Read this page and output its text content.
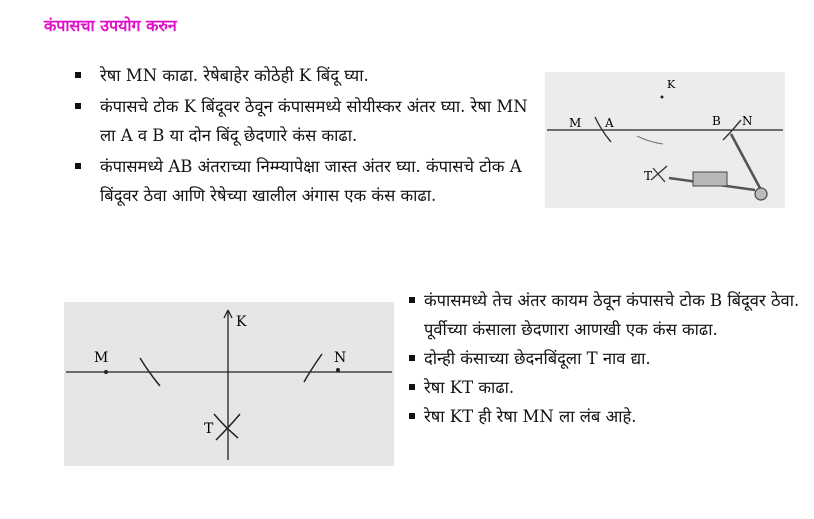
कंपासचा उपयोग करुन
रेषा MN काढा. रेषेबाहेर कोठेही K बिंदू घ्या.
कंपासचे टोक K बिंदूवर ठेवून कंपासमध्ये सोयीस्कर अंतर घ्या. रेषा MN ला A व B या दोन बिंदू छेदणारे कंस काढा.
कंपासमध्ये AB अंतराच्या निम्म्यापेक्षा जास्त अंतर घ्या. कंपासचे टोक A बिंदूवर ठेवा आणि रेषेच्या खालील अंगास एक कंस काढा.
K
M A	B N
T
K
M	N
T
कंपासमध्ये तेच अंतर कायम ठेवून कंपासचे टोक B बिंदूवर ठेवा. पूर्वीच्या कंसाला छेदणारा आणखी एक कंस काढा.
दोन्ही कंसाच्या छेदनबिंदूला T नाव द्या.
रेषा KT काढा.
रेषा KT ही रेषा MN ला लंब आहे.
